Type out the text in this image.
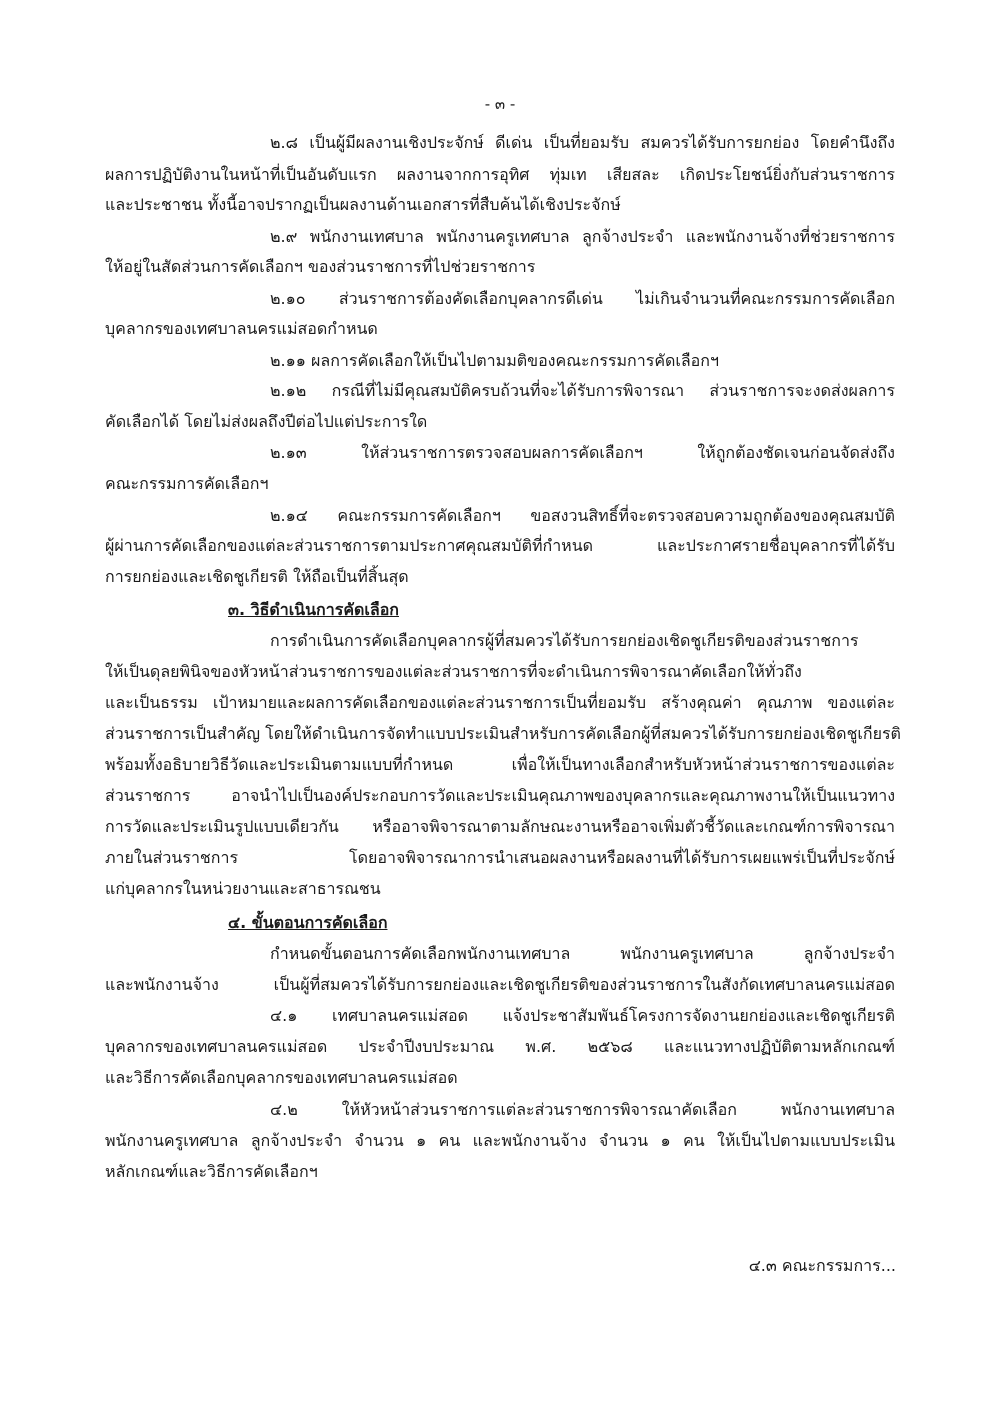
- ๓ -
๒.๘ เป็นผู้มีผลงานเชิงประจักษ์ ดีเด่น เป็นที่ยอมรับ สมควรได้รับการยกย่อง โดยคำนึงถึง
ผลการปฏิบัติงานในหน้าที่เป็นอันดับแรก ผลงานจากการอุทิศ ทุ่มเท เสียสละ เกิดประโยชน์ยิ่งกับส่วนราชการ
และประชาชน ทั้งนี้อาจปรากฏเป็นผลงานด้านเอกสารที่สืบค้นได้เชิงประจักษ์
๒.๙ พนักงานเทศบาล พนักงานครูเทศบาล ลูกจ้างประจำ และพนักงานจ้างที่ช่วยราชการ
ให้อยู่ในสัดส่วนการคัดเลือกฯ ของส่วนราชการที่ไปช่วยราชการ
๒.๑๐ ส่วนราชการต้องคัดเลือกบุคลากรดีเด่น ไม่เกินจำนวนที่คณะกรรมการคัดเลือก
บุคลากรของเทศบาลนครแม่สอดกำหนด
๒.๑๑ ผลการคัดเลือกให้เป็นไปตามมติของคณะกรรมการคัดเลือกฯ
๒.๑๒ กรณีที่ไม่มีคุณสมบัติครบถ้วนที่จะได้รับการพิจารณา ส่วนราชการจะงดส่งผลการ
คัดเลือกได้ โดยไม่ส่งผลถึงปีต่อไปแต่ประการใด
๒.๑๓ ให้ส่วนราชการตรวจสอบผลการคัดเลือกฯ ให้ถูกต้องชัดเจนก่อนจัดส่งถึง
คณะกรรมการคัดเลือกฯ
๒.๑๔ คณะกรรมการคัดเลือกฯ ขอสงวนสิทธิ์ที่จะตรวจสอบความถูกต้องของคุณสมบัติ
ผู้ผ่านการคัดเลือกของแต่ละส่วนราชการตามประกาศคุณสมบัติที่กำหนด และประกาศรายชื่อบุคลากรที่ได้รับ
การยกย่องและเชิดชูเกียรติ ให้ถือเป็นที่สิ้นสุด
๓. วิธีดำเนินการคัดเลือก
การดำเนินการคัดเลือกบุคลากรผู้ที่สมควรได้รับการยกย่องเชิดชูเกียรติของส่วนราชการ
ให้เป็นดุลยพินิจของหัวหน้าส่วนราชการของแต่ละส่วนราชการที่จะดำเนินการพิจารณาคัดเลือกให้ทั่วถึง
และเป็นธรรม เป้าหมายและผลการคัดเลือกของแต่ละส่วนราชการเป็นที่ยอมรับ สร้างคุณค่า คุณภาพ ของแต่ละ
ส่วนราชการเป็นสำคัญ โดยให้ดำเนินการจัดทำแบบประเมินสำหรับการคัดเลือกผู้ที่สมควรได้รับการยกย่องเชิดชูเกียรติ
พร้อมทั้งอธิบายวิธีวัดและประเมินตามแบบที่กำหนด เพื่อให้เป็นทางเลือกสำหรับหัวหน้าส่วนราชการของแต่ละ
ส่วนราชการ อาจนำไปเป็นองค์ประกอบการวัดและประเมินคุณภาพของบุคลากรและคุณภาพงานให้เป็นแนวทาง
การวัดและประเมินรูปแบบเดียวกัน หรืออาจพิจารณาตามลักษณะงานหรืออาจเพิ่มตัวชี้วัดและเกณฑ์การพิจารณา
ภายในส่วนราชการ โดยอาจพิจารณาการนำเสนอผลงานหรือผลงานที่ได้รับการเผยแพร่เป็นที่ประจักษ์
แก่บุคลากรในหน่วยงานและสาธารณชน
๔. ขั้นตอนการคัดเลือก
กำหนดขั้นตอนการคัดเลือกพนักงานเทศบาล พนักงานครูเทศบาล ลูกจ้างประจำ
และพนักงานจ้าง เป็นผู้ที่สมควรได้รับการยกย่องและเชิดชูเกียรติของส่วนราชการในสังกัดเทศบาลนครแม่สอด
๔.๑ เทศบาลนครแม่สอด แจ้งประชาสัมพันธ์โครงการจัดงานยกย่องและเชิดชูเกียรติ
บุคลากรของเทศบาลนครแม่สอด ประจำปีงบประมาณ พ.ศ. ๒๕๖๘ และแนวทางปฏิบัติตามหลักเกณฑ์
และวิธีการคัดเลือกบุคลากรของเทศบาลนครแม่สอด
๔.๒ ให้หัวหน้าส่วนราชการแต่ละส่วนราชการพิจารณาคัดเลือก พนักงานเทศบาล
พนักงานครูเทศบาล ลูกจ้างประจำ จำนวน ๑ คน และพนักงานจ้าง จำนวน ๑ คน ให้เป็นไปตามแบบประเมิน
หลักเกณฑ์และวิธีการคัดเลือกฯ
๔.๓ คณะกรรมการ...
